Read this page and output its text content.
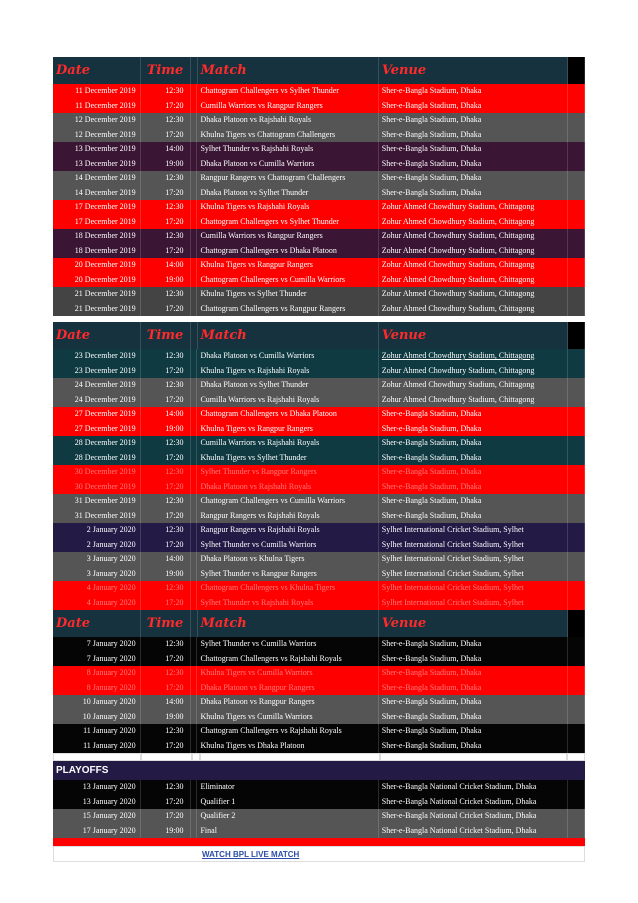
Date	Time	Match	Venue
11 December 2019	12:30	Chattogram Challengers vs Sylhet Thunder	Sher-e-Bangla Stadium, Dhaka
11 December 2019	17:20	Cumilla Warriors vs Rangpur Rangers	Sher-e-Bangla Stadium, Dhaka
12 December 2019	12:30	Dhaka Platoon vs Rajshahi Royals	Sher-e-Bangla Stadium, Dhaka
12 December 2019	17:20	Khulna Tigers vs Chattogram Challengers	Sher-e-Bangla Stadium, Dhaka
13 December 2019	14:00	Sylhet Thunder vs Rajshahi Royals	Sher-e-Bangla Stadium, Dhaka
13 December 2019	19:00	Dhaka Platoon vs Cumilla Warriors	Sher-e-Bangla Stadium, Dhaka
14 December 2019	12:30	Rangpur Rangers vs Chattogram Challengers	Sher-e-Bangla Stadium, Dhaka
14 December 2019	17:20	Dhaka Platoon vs Sylhet Thunder	Sher-e-Bangla Stadium, Dhaka
17 December 2019	12:30	Khulna Tigers vs Rajshahi Royals	Zohur Ahmed Chowdhury Stadium, Chittagong
17 December 2019	17:20	Chattogram Challengers vs Sylhet Thunder	Zohur Ahmed Chowdhury Stadium, Chittagong
18 December 2019	12:30	Cumilla Warriors vs Rangpur Rangers	Zohur Ahmed Chowdhury Stadium, Chittagong
18 December 2019	17:20	Chattogram Challengers vs Dhaka Platoon	Zohur Ahmed Chowdhury Stadium, Chittagong
20 December 2019	14:00	Khulna Tigers vs Rangpur Rangers	Zohur Ahmed Chowdhury Stadium, Chittagong
20 December 2019	19:00	Chattogram Challengers vs Cumilla Warriors	Zohur Ahmed Chowdhury Stadium, Chittagong
21 December 2019	12:30	Khulna Tigers vs Sylhet Thunder	Zohur Ahmed Chowdhury Stadium, Chittagong
21 December 2019	17:20	Chattogram Challengers vs Rangpur Rangers	Zohur Ahmed Chowdhury Stadium, Chittagong
Date	Time	Match	Venue
23 December 2019	12:30	Dhaka Platoon vs Cumilla Warriors	Zohur Ahmed Chowdhury Stadium, Chittagong
23 December 2019	17:20	Khulna Tigers vs Rajshahi Royals	Zohur Ahmed Chowdhury Stadium, Chittagong
24 December 2019	12:30	Dhaka Platoon vs Sylhet Thunder	Zohur Ahmed Chowdhury Stadium, Chittagong
24 December 2019	17:20	Cumilla Warriors vs Rajshahi Royals	Zohur Ahmed Chowdhury Stadium, Chittagong
27 December 2019	14:00	Chattogram Challengers vs Dhaka Platoon	Sher-e-Bangla Stadium, Dhaka
27 December 2019	19:00	Khulna Tigers vs Rangpur Rangers	Sher-e-Bangla Stadium, Dhaka
28 December 2019	12:30	Cumilla Warriors vs Rajshahi Royals	Sher-e-Bangla Stadium, Dhaka
28 December 2019	17:20	Khulna Tigers vs Sylhet Thunder	Sher-e-Bangla Stadium, Dhaka
30 December 2019	12:30	Sylhet Thunder vs Rangpur Rangers	Sher-e-Bangla Stadium, Dhaka
30 December 2019	17:20	Dhaka Platoon vs Rajshahi Royals	Sher-e-Bangla Stadium, Dhaka
31 December 2019	12:30	Chattogram Challengers vs Cumilla Warriors	Sher-e-Bangla Stadium, Dhaka
31 December 2019	17:20	Rangpur Rangers vs Rajshahi Royals	Sher-e-Bangla Stadium, Dhaka
2 January 2020	12:30	Rangpur Rangers vs Rajshahi Royals	Sylhet International Cricket Stadium, Sylhet
2 January 2020	17:20	Sylhet Thunder vs Cumilla Warriors	Sylhet International Cricket Stadium, Sylhet
3 January 2020	14:00	Dhaka Platoon vs Khulna Tigers	Sylhet International Cricket Stadium, Sylhet
3 January 2020	19:00	Sylhet Thunder vs Rangpur Rangers	Sylhet International Cricket Stadium, Sylhet
4 January 2020	12:30	Chattogram Challengers vs Khulna Tigers	Sylhet International Cricket Stadium, Sylhet
4 January 2020	17:20	Sylhet Thunder vs Rajshahi Royals	Sylhet International Cricket Stadium, Sylhet
Date	Time	Match	Venue
7 January 2020	12:30	Sylhet Thunder vs Cumilla Warriors	Sher-e-Bangla Stadium, Dhaka
7 January 2020	17:20	Chattogram Challengers vs Rajshahi Royals	Sher-e-Bangla Stadium, Dhaka
8 January 2020	12:30	Khulna Tigers vs Cumilla Warriors	Sher-e-Bangla Stadium, Dhaka
8 January 2020	17:20	Dhaka Platoon vs Rangpur Rangers	Sher-e-Bangla Stadium, Dhaka
10 January 2020	14:00	Dhaka Platoon vs Rangpur Rangers	Sher-e-Bangla Stadium, Dhaka
10 January 2020	19:00	Khulna Tigers vs Cumilla Warriors	Sher-e-Bangla Stadium, Dhaka
11 January 2020	12:30	Chattogram Challengers vs Rajshahi Royals	Sher-e-Bangla Stadium, Dhaka
11 January 2020	17:20	Khulna Tigers vs Dhaka Platoon	Sher-e-Bangla Stadium, Dhaka
PLAYOFFS
13 January 2020	12:30	Eliminator	Sher-e-Bangla National Cricket Stadium, Dhaka
13 January 2020	17:20	Qualifier 1	Sher-e-Bangla National Cricket Stadium, Dhaka
15 January 2020	17:20	Qualifier 2	Sher-e-Bangla National Cricket Stadium, Dhaka
17 January 2020	19:00	Final	Sher-e-Bangla National Cricket Stadium, Dhaka
WATCH BPL LIVE MATCH
